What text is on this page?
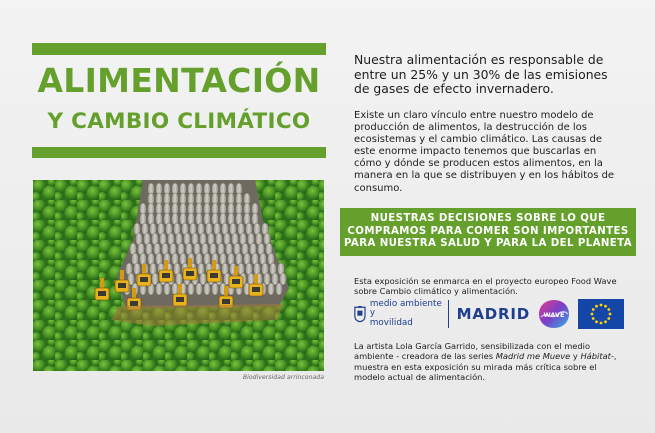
ALIMENTACIÓN
Y CAMBIO CLIMÁTICO
Nuestra alimentación es responsable de entre un 25% y un 30% de las emisiones de gases de efecto invernadero.
Existe un claro vínculo entre nuestro modelo de producción de alimentos, la destrucción de los ecosistemas y el cambio climático. Las causas de este enorme impacto tenemos que buscarlas en cómo y dónde se producen estos alimentos, en la manera en la que se distribuyen y en los hábitos de consumo.
NUESTRAS DECISIONES SOBRE LO QUE
COMPRAMOS PARA COMER SON IMPORTANTES
PARA NUESTRA SALUD Y PARA LA DEL PLANETA
Esta exposición se enmarca en el proyecto europeo Food Wave sobre Cambio climático y alimentación.
medio ambiente y
movilidad	MADRID WAVE
La artista Lola García Garrido, sensibilizada con el medio ambiente - creadora de las series Madrid me Mueve y Hábitat-, muestra en esta exposición su mirada más crítica sobre el modelo actual de alimentación.
Biodiversidad arrinconada
